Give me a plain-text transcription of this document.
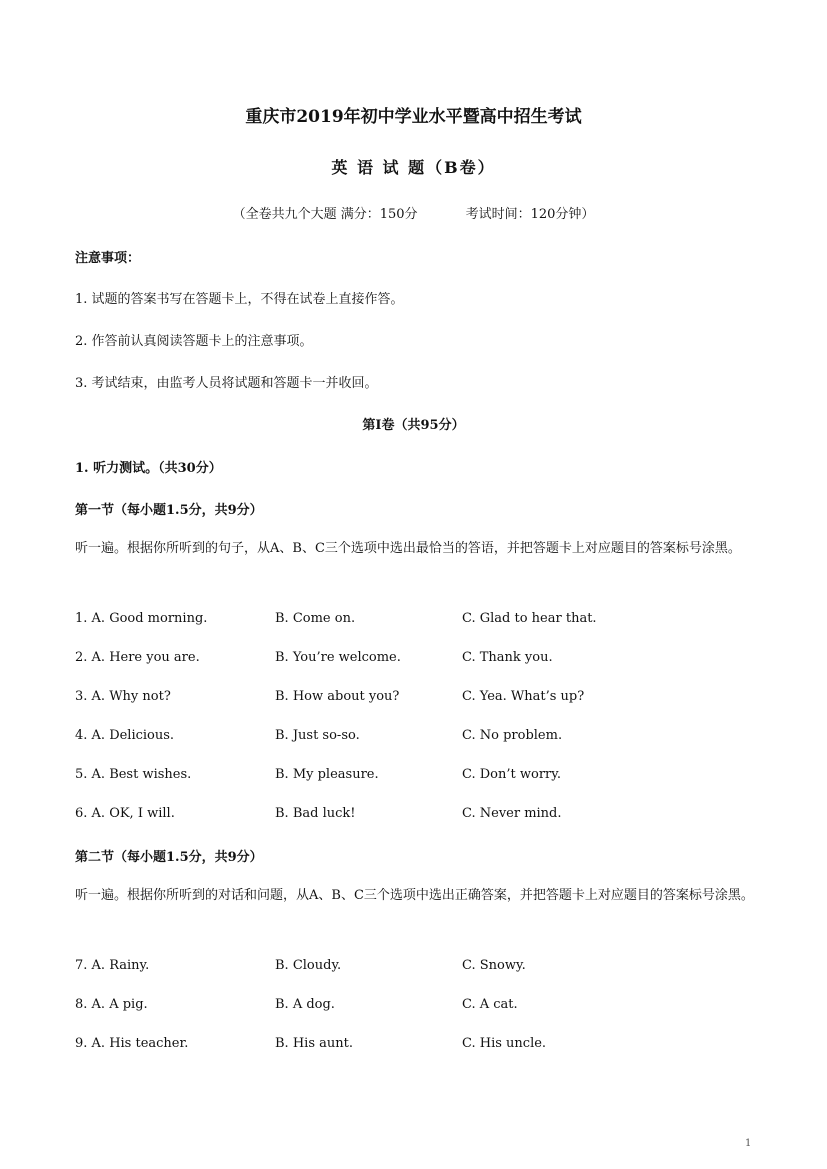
重庆市2019年初中学业水平暨高中招生考试
英 语 试 题（B卷）
（全卷共九个大题 满分：150分	考试时间：120分钟）
注意事项：
1. 试题的答案书写在答题卡上，不得在试卷上直接作答。
2. 作答前认真阅读答题卡上的注意事项。
3. 考试结束，由监考人员将试题和答题卡一并收回。
第Ⅰ卷（共95分）
1. 听力测试。（共30分）
第一节（每小题1.5分，共9分）
听一遍。根据你所听到的句子，从A、B、C三个选项中选出最恰当的答语，并把答题卡上对应题目的答案标号涂黑。
1. A. Good morning.	B. Come on.	C. Glad to hear that.
2. A. Here you are.	B. You’re welcome.	C. Thank you.
3. A. Why not?	B. How about you?	C. Yea. What’s up?
4. A. Delicious.	B. Just so-so.	C. No problem.
5. A. Best wishes.	B. My pleasure.	C. Don’t worry.
6. A. OK, I will.	B. Bad luck!	C. Never mind.
第二节（每小题1.5分，共9分）
听一遍。根据你所听到的对话和问题，从A、B、C三个选项中选出正确答案，并把答题卡上对应题目的答案标号涂黑。
7. A. Rainy.	B. Cloudy.	C. Snowy.
8. A. A pig.	B. A dog.	C. A cat.
9. A. His teacher.	B. His aunt.	C. His uncle.
1
